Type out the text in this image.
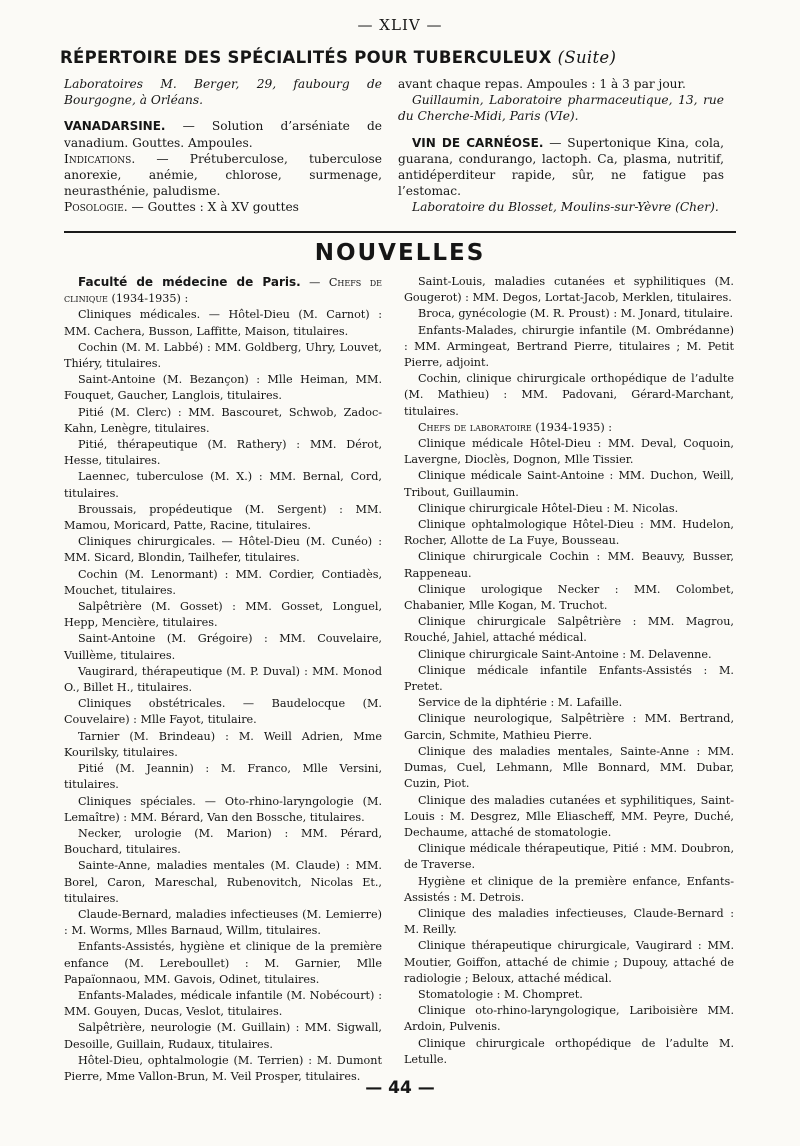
— XLIV —
RÉPERTOIRE DES SPÉCIALITÉS POUR TUBERCULEUX (Suite)

Laboratoires M. Berger, 29, faubourg de Bourgogne, à Orléans.

VANADARSINE. — Solution d’arséniate de vanadium. Gouttes. Ampoules.

Indications. — Prétuberculose, tuberculose anorexie, anémie, chlorose, surmenage, neurasthénie, paludisme.

Posologie. — Gouttes : X à XV gouttes

avant chaque repas. Ampoules : 1 à 3 par jour.

Guillaumin, Laboratoire pharmaceutique, 13, rue du Cherche-Midi, Paris (VIe).

VIN DE CARNÉOSE. — Supertonique Kina, cola, guarana, condurango, lactoph. Ca, plasma, nutritif, antidéperditeur rapide, sûr, ne fatigue pas l’estomac.

Laboratoire du Blosset, Moulins-sur-Yèvre (Cher).

NOUVELLES

Faculté de médecine de Paris. — Chefs de clinique (1934-1935) :

Cliniques médicales. — Hôtel-Dieu (M. Carnot) : MM. Cachera, Busson, Laffitte, Maison, titulaires.

Cochin (M. M. Labbé) : MM. Goldberg, Uhry, Louvet, Thiéry, titulaires.

Saint-Antoine (M. Bezançon) : Mlle Heiman, MM. Fouquet, Gaucher, Langlois, titulaires.

Pitié (M. Clerc) : MM. Bascouret, Schwob, Zadoc-Kahn, Lenègre, titulaires.

Pitié, thérapeutique (M. Rathery) : MM. Dérot, Hesse, titulaires.

Laennec, tuberculose (M. X.) : MM. Bernal, Cord, titulaires.

Broussais, propédeutique (M. Sergent) : MM. Mamou, Moricard, Patte, Racine, titulaires.

Cliniques chirurgicales. — Hôtel-Dieu (M. Cunéo) : MM. Sicard, Blondin, Tailhefer, titulaires.

Cochin (M. Lenormant) : MM. Cordier, Contiadès, Mouchet, titulaires.

Salpêtrière (M. Gosset) : MM. Gosset, Longuel, Hepp, Mencière, titulaires.

Saint-Antoine (M. Grégoire) : MM. Couvelaire, Vuillème, titulaires.

Vaugirard, thérapeutique (M. P. Duval) : MM. Monod O., Billet H., titulaires.

Cliniques obstétricales. — Baudelocque (M. Couvelaire) : Mlle Fayot, titulaire.

Tarnier (M. Brindeau) : M. Weill Adrien, Mme Kourilsky, titulaires.

Pitié (M. Jeannin) : M. Franco, Mlle Versini, titulaires.

Cliniques spéciales. — Oto-rhino-laryngologie (M. Lemaître) : MM. Bérard, Van den Bossche, titulaires.

Necker, urologie (M. Marion) : MM. Pérard, Bouchard, titulaires.

Sainte-Anne, maladies mentales (M. Claude) : MM. Borel, Caron, Mareschal, Rubenovitch, Nicolas Et., titulaires.

Claude-Bernard, maladies infectieuses (M. Lemierre) : M. Worms, Mlles Barnaud, Willm, titulaires.

Enfants-Assistés, hygiène et clinique de la première enfance (M. Lereboullet) : M. Garnier, Mlle Papaïonnaou, MM. Gavois, Odinet, titulaires.

Enfants-Malades, médicale infantile (M. Nobécourt) : MM. Gouyen, Ducas, Veslot, titulaires.

Salpêtrière, neurologie (M. Guillain) : MM. Sigwall, Desoille, Guillain, Rudaux, titulaires.

Hôtel-Dieu, ophtalmologie (M. Terrien) : M. Dumont Pierre, Mme Vallon-Brun, M. Veil Prosper, titulaires.

Saint-Louis, maladies cutanées et syphilitiques (M. Gougerot) : MM. Degos, Lortat-Jacob, Merklen, titulaires.

Broca, gynécologie (M. R. Proust) : M. Jonard, titulaire.

Enfants-Malades, chirurgie infantile (M. Ombrédanne) : MM. Armingeat, Bertrand Pierre, titulaires ; M. Petit Pierre, adjoint.

Cochin, clinique chirurgicale orthopédique de l’adulte (M. Mathieu) : MM. Padovani, Gérard-Marchant, titulaires.

Chefs de laboratoire (1934-1935) :

Clinique médicale Hôtel-Dieu : MM. Deval, Coquoin, Lavergne, Dioclès, Dognon, Mlle Tissier.

Clinique médicale Saint-Antoine : MM. Duchon, Weill, Tribout, Guillaumin.

Clinique chirurgicale Hôtel-Dieu : M. Nicolas.

Clinique ophtalmologique Hôtel-Dieu : MM. Hudelon, Rocher, Allotte de La Fuye, Bousseau.

Clinique chirurgicale Cochin : MM. Beauvy, Busser, Rappeneau.

Clinique urologique Necker : MM. Colombet, Chabanier, Mlle Kogan, M. Truchot.

Clinique chirurgicale Salpêtrière : MM. Magrou, Rouché, Jahiel, attaché médical.

Clinique chirurgicale Saint-Antoine : M. Delavenne.

Clinique médicale infantile Enfants-Assistés : M. Pretet.

Service de la diphtérie : M. Lafaille.

Clinique neurologique, Salpêtrière : MM. Bertrand, Garcin, Schmite, Mathieu Pierre.

Clinique des maladies mentales, Sainte-Anne : MM. Dumas, Cuel, Lehmann, Mlle Bonnard, MM. Dubar, Cuzin, Piot.

Clinique des maladies cutanées et syphilitiques, Saint-Louis : M. Desgrez, Mlle Eliascheff, MM. Peyre, Duché, Dechaume, attaché de stomatologie.

Clinique médicale thérapeutique, Pitié : MM. Doubron, de Traverse.

Hygiène et clinique de la première enfance, Enfants-Assistés : M. Detrois.

Clinique des maladies infectieuses, Claude-Bernard : M. Reilly.

Clinique thérapeutique chirurgicale, Vaugirard : MM. Moutier, Goiffon, attaché de chimie ; Dupouy, attaché de radiologie ; Beloux, attaché médical.

Stomatologie : M. Chompret.

Clinique oto-rhino-laryngologique, Lariboisière MM. Ardoin, Pulvenis.

Clinique chirurgicale orthopédique de l’adulte M. Letulle.

— 44 —
